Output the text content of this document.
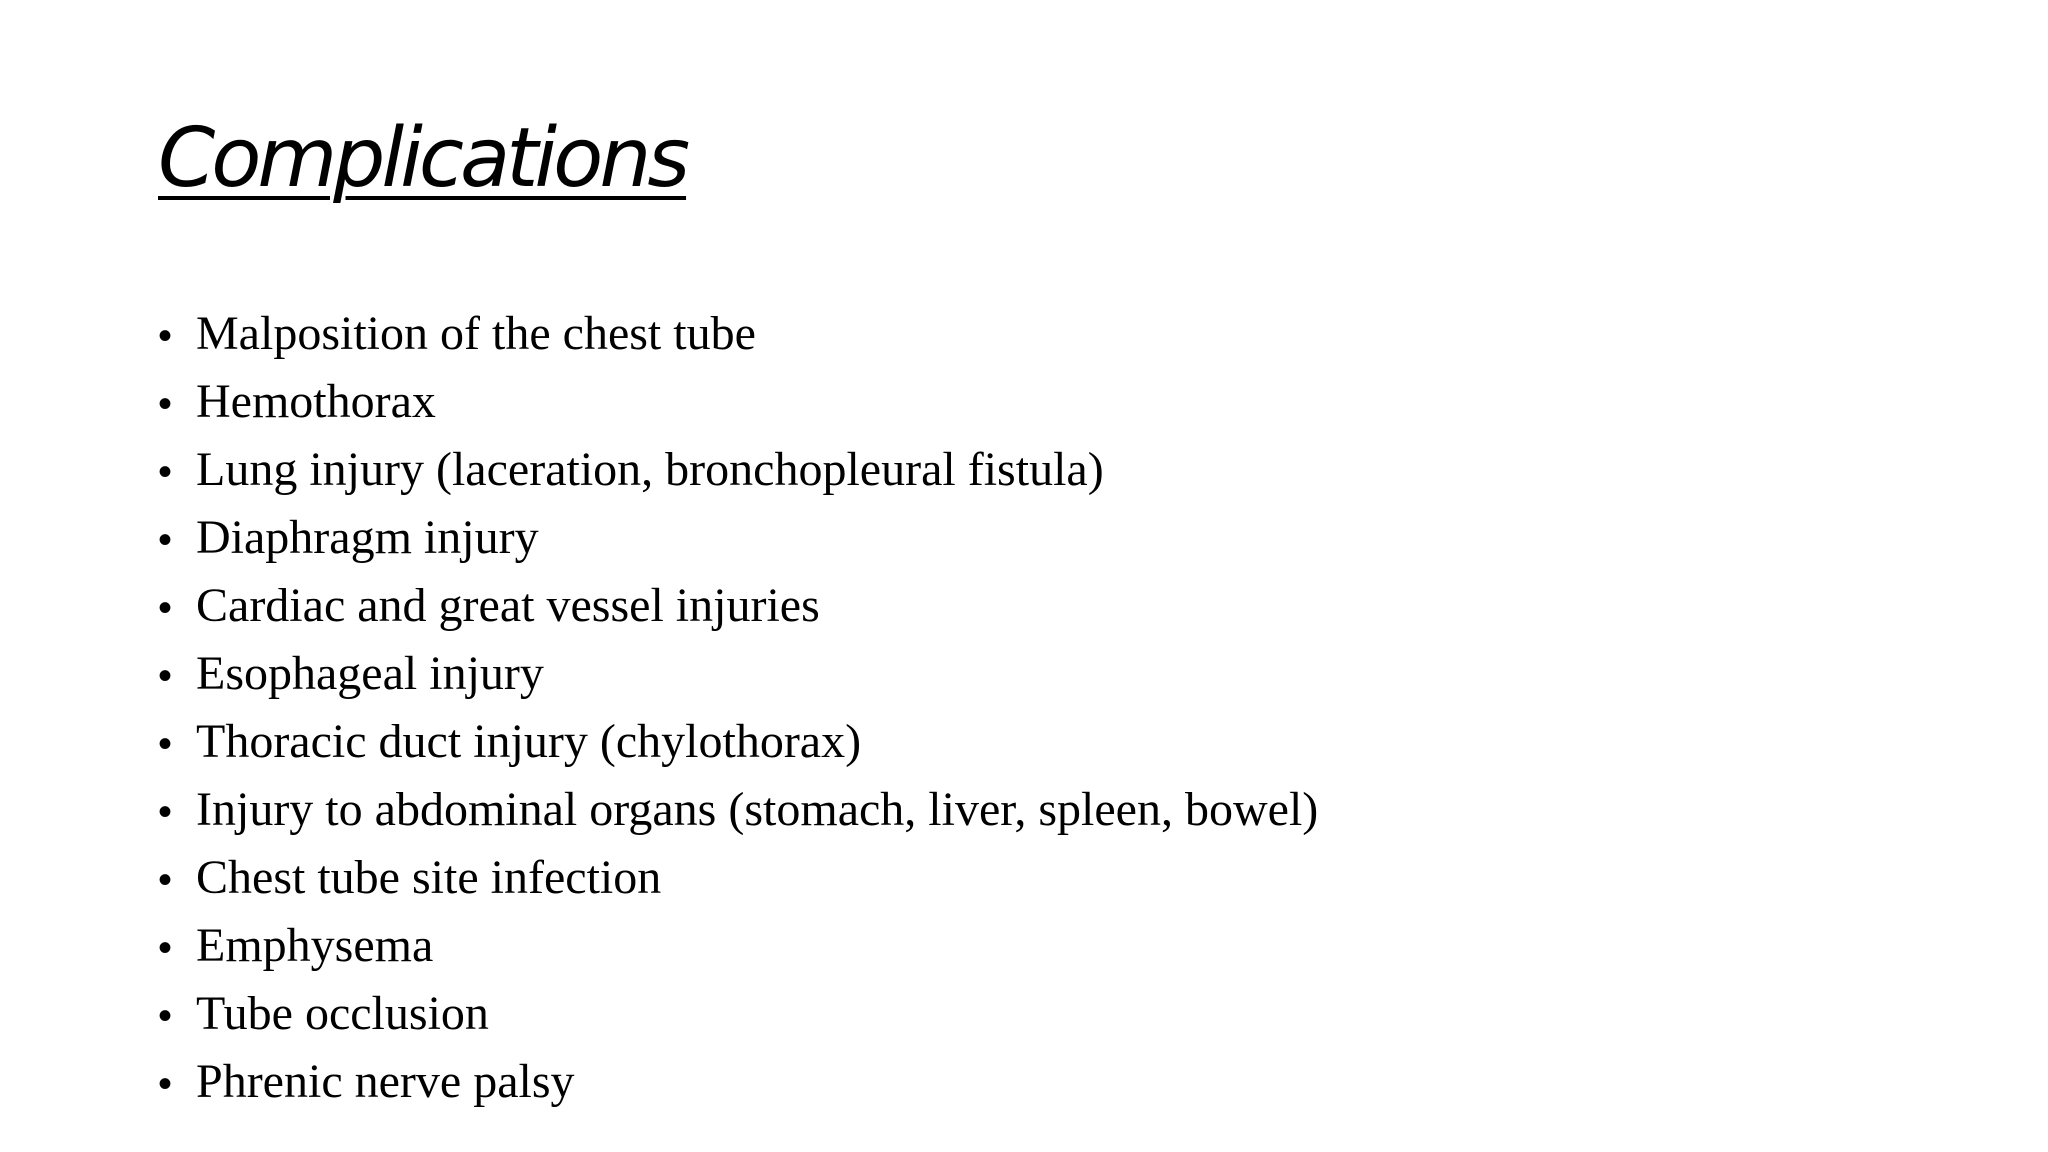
Complications
• Malposition of the chest tube
• Hemothorax
• Lung injury (laceration, bronchopleural fistula)
• Diaphragm injury
• Cardiac and great vessel injuries
• Esophageal injury
• Thoracic duct injury (chylothorax)
• Injury to abdominal organs (stomach, liver, spleen, bowel)
• Chest tube site infection
• Emphysema
• Tube occlusion
• Phrenic nerve palsy
